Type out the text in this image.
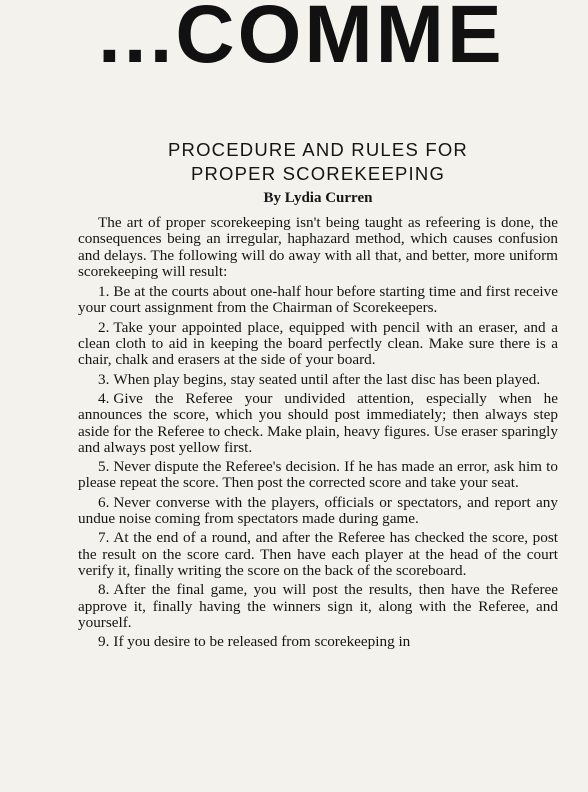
...COMME
PROCEDURE AND RULES FOR
PROPER SCOREKEEPING
By Lydia Curren

The art of proper scorekeeping isn't being taught as refeering is done, the consequences being an irregular, haphazard method, which causes confusion and delays. The following will do away with all that, and better, more uniform scorekeeping will result:

1. Be at the courts about one-half hour before starting time and first receive your court assignment from the Chairman of Scorekeepers.

2. Take your appointed place, equipped with pencil with an eraser, and a clean cloth to aid in keeping the board perfectly clean. Make sure there is a chair, chalk and erasers at the side of your board.

3. When play begins, stay seated until after the last disc has been played.

4. Give the Referee your undivided attention, especially when he announces the score, which you should post immediately; then always step aside for the Referee to check. Make plain, heavy figures. Use eraser sparingly and always post yellow first.

5. Never dispute the Referee's decision. If he has made an error, ask him to please repeat the score. Then post the corrected score and take your seat.

6. Never converse with the players, officials or spectators, and report any undue noise coming from spectators made during game.

7. At the end of a round, and after the Referee has checked the score, post the result on the score card. Then have each player at the head of the court verify it, finally writing the score on the back of the scoreboard.

8. After the final game, you will post the results, then have the Referee approve it, finally having the winners sign it, along with the Referee, and yourself.

9. If you desire to be released from scorekeeping in
